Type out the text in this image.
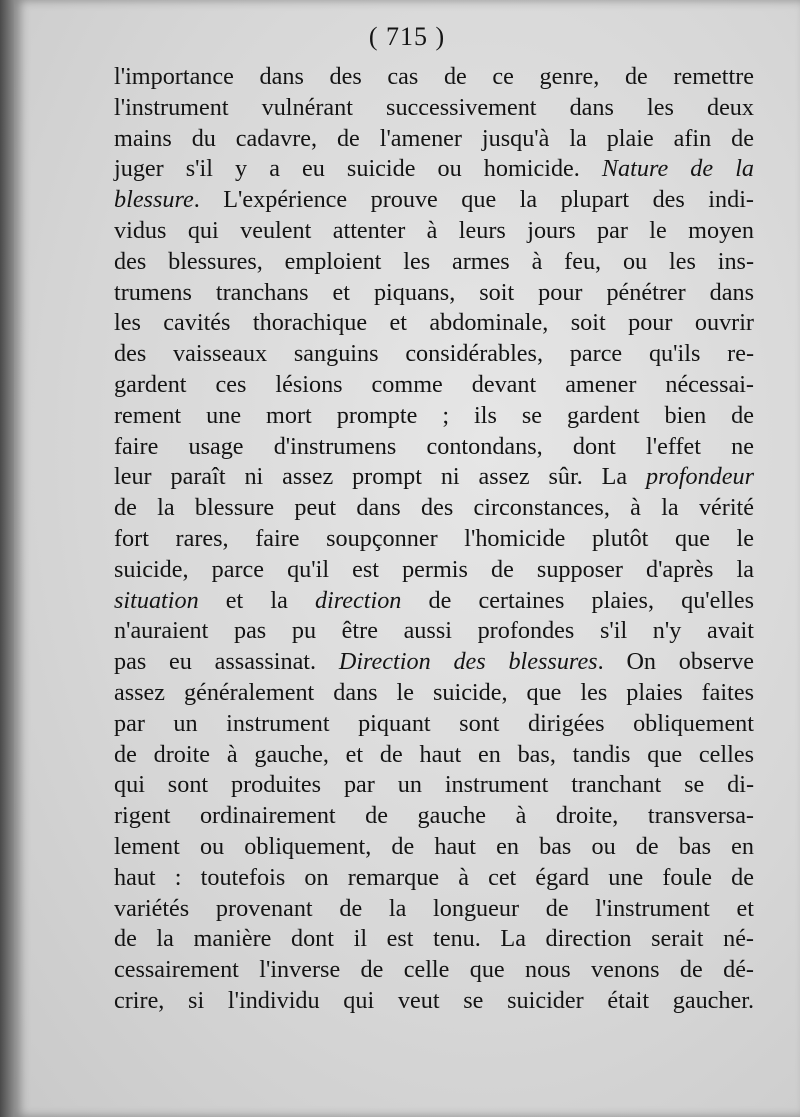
( 715 )
l'importance dans des cas de ce genre, de remettre
l'instrument vulnérant successivement dans les deux
mains du cadavre, de l'amener jusqu'à la plaie afin de
juger s'il y a eu suicide ou homicide. Nature de la
blessure. L'expérience prouve que la plupart des indi-
vidus qui veulent attenter à leurs jours par le moyen
des blessures, emploient les armes à feu, ou les ins-
trumens tranchans et piquans, soit pour pénétrer dans
les cavités thorachique et abdominale, soit pour ouvrir
des vaisseaux sanguins considérables, parce qu'ils re-
gardent ces lésions comme devant amener nécessai-
rement une mort prompte ; ils se gardent bien de
faire usage d'instrumens contondans, dont l'effet ne
leur paraît ni assez prompt ni assez sûr. La profondeur
de la blessure peut dans des circonstances, à la vérité
fort rares, faire soupçonner l'homicide plutôt que le
suicide, parce qu'il est permis de supposer d'après la
situation et la direction de certaines plaies, qu'elles
n'auraient pas pu être aussi profondes s'il n'y avait
pas eu assassinat. Direction des blessures. On observe
assez généralement dans le suicide, que les plaies faites
par un instrument piquant sont dirigées obliquement
de droite à gauche, et de haut en bas, tandis que celles
qui sont produites par un instrument tranchant se di-
rigent ordinairement de gauche à droite, transversa-
lement ou obliquement, de haut en bas ou de bas en
haut : toutefois on remarque à cet égard une foule de
variétés provenant de la longueur de l'instrument et
de la manière dont il est tenu. La direction serait né-
cessairement l'inverse de celle que nous venons de dé-
crire, si l'individu qui veut se suicider était gaucher.
